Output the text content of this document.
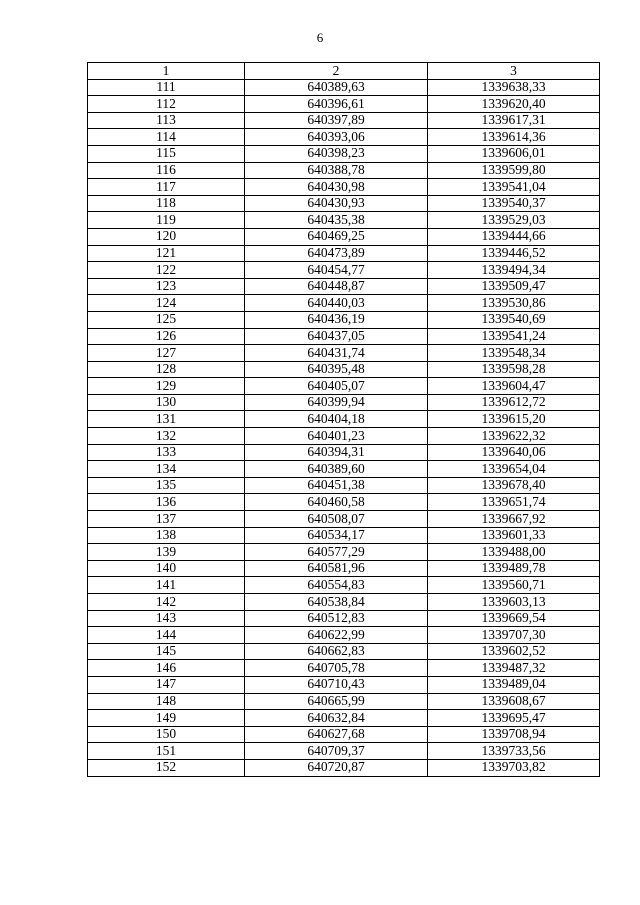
6
1	2	3
111	640389,63	1339638,33
112	640396,61	1339620,40
113	640397,89	1339617,31
114	640393,06	1339614,36
115	640398,23	1339606,01
116	640388,78	1339599,80
117	640430,98	1339541,04
118	640430,93	1339540,37
119	640435,38	1339529,03
120	640469,25	1339444,66
121	640473,89	1339446,52
122	640454,77	1339494,34
123	640448,87	1339509,47
124	640440,03	1339530,86
125	640436,19	1339540,69
126	640437,05	1339541,24
127	640431,74	1339548,34
128	640395,48	1339598,28
129	640405,07	1339604,47
130	640399,94	1339612,72
131	640404,18	1339615,20
132	640401,23	1339622,32
133	640394,31	1339640,06
134	640389,60	1339654,04
135	640451,38	1339678,40
136	640460,58	1339651,74
137	640508,07	1339667,92
138	640534,17	1339601,33
139	640577,29	1339488,00
140	640581,96	1339489,78
141	640554,83	1339560,71
142	640538,84	1339603,13
143	640512,83	1339669,54
144	640622,99	1339707,30
145	640662,83	1339602,52
146	640705,78	1339487,32
147	640710,43	1339489,04
148	640665,99	1339608,67
149	640632,84	1339695,47
150	640627,68	1339708,94
151	640709,37	1339733,56
152	640720,87	1339703,82
